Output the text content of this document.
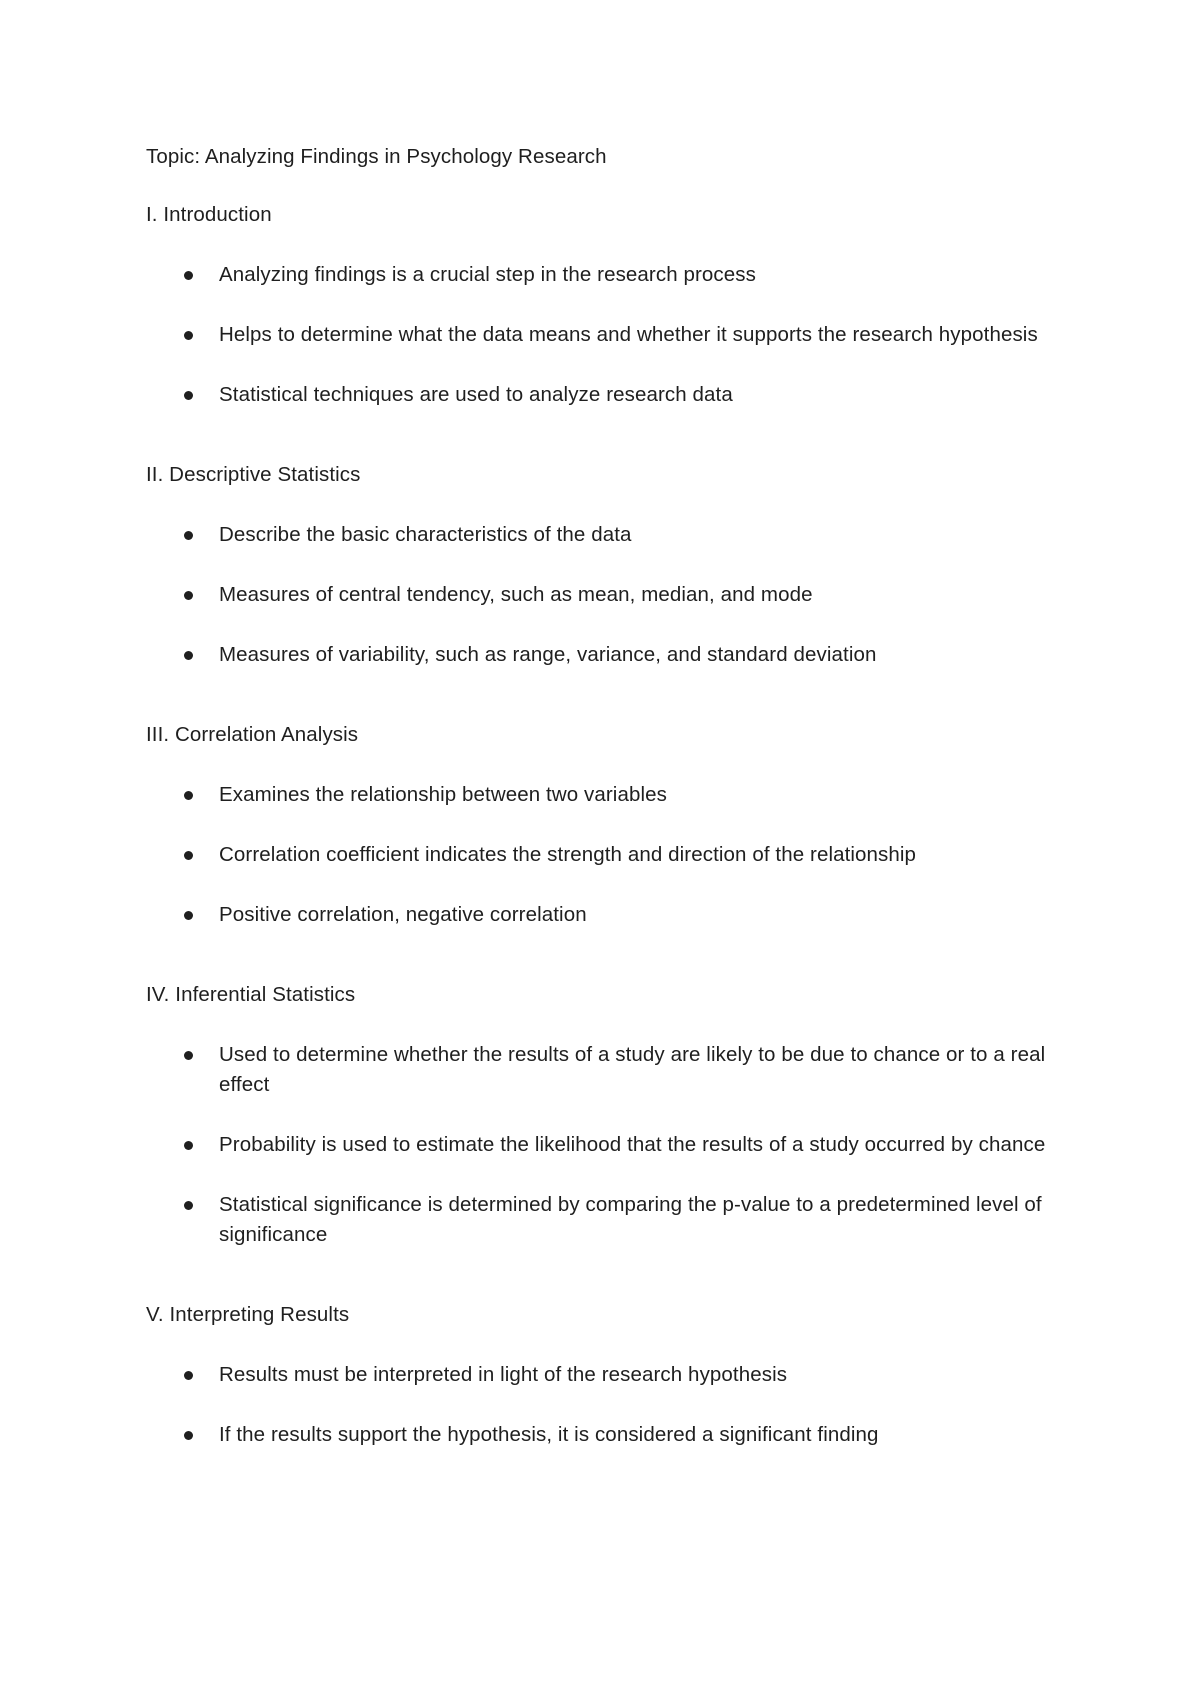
Topic: Analyzing Findings in Psychology Research
I. Introduction
Analyzing findings is a crucial step in the research process
Helps to determine what the data means and whether it supports the research hypothesis
Statistical techniques are used to analyze research data
II. Descriptive Statistics
Describe the basic characteristics of the data
Measures of central tendency, such as mean, median, and mode
Measures of variability, such as range, variance, and standard deviation
III. Correlation Analysis
Examines the relationship between two variables
Correlation coefficient indicates the strength and direction of the relationship
Positive correlation, negative correlation
IV. Inferential Statistics
Used to determine whether the results of a study are likely to be due to chance or to a real effect
Probability is used to estimate the likelihood that the results of a study occurred by chance
Statistical significance is determined by comparing the p-value to a predetermined level of significance
V. Interpreting Results
Results must be interpreted in light of the research hypothesis
If the results support the hypothesis, it is considered a significant finding
